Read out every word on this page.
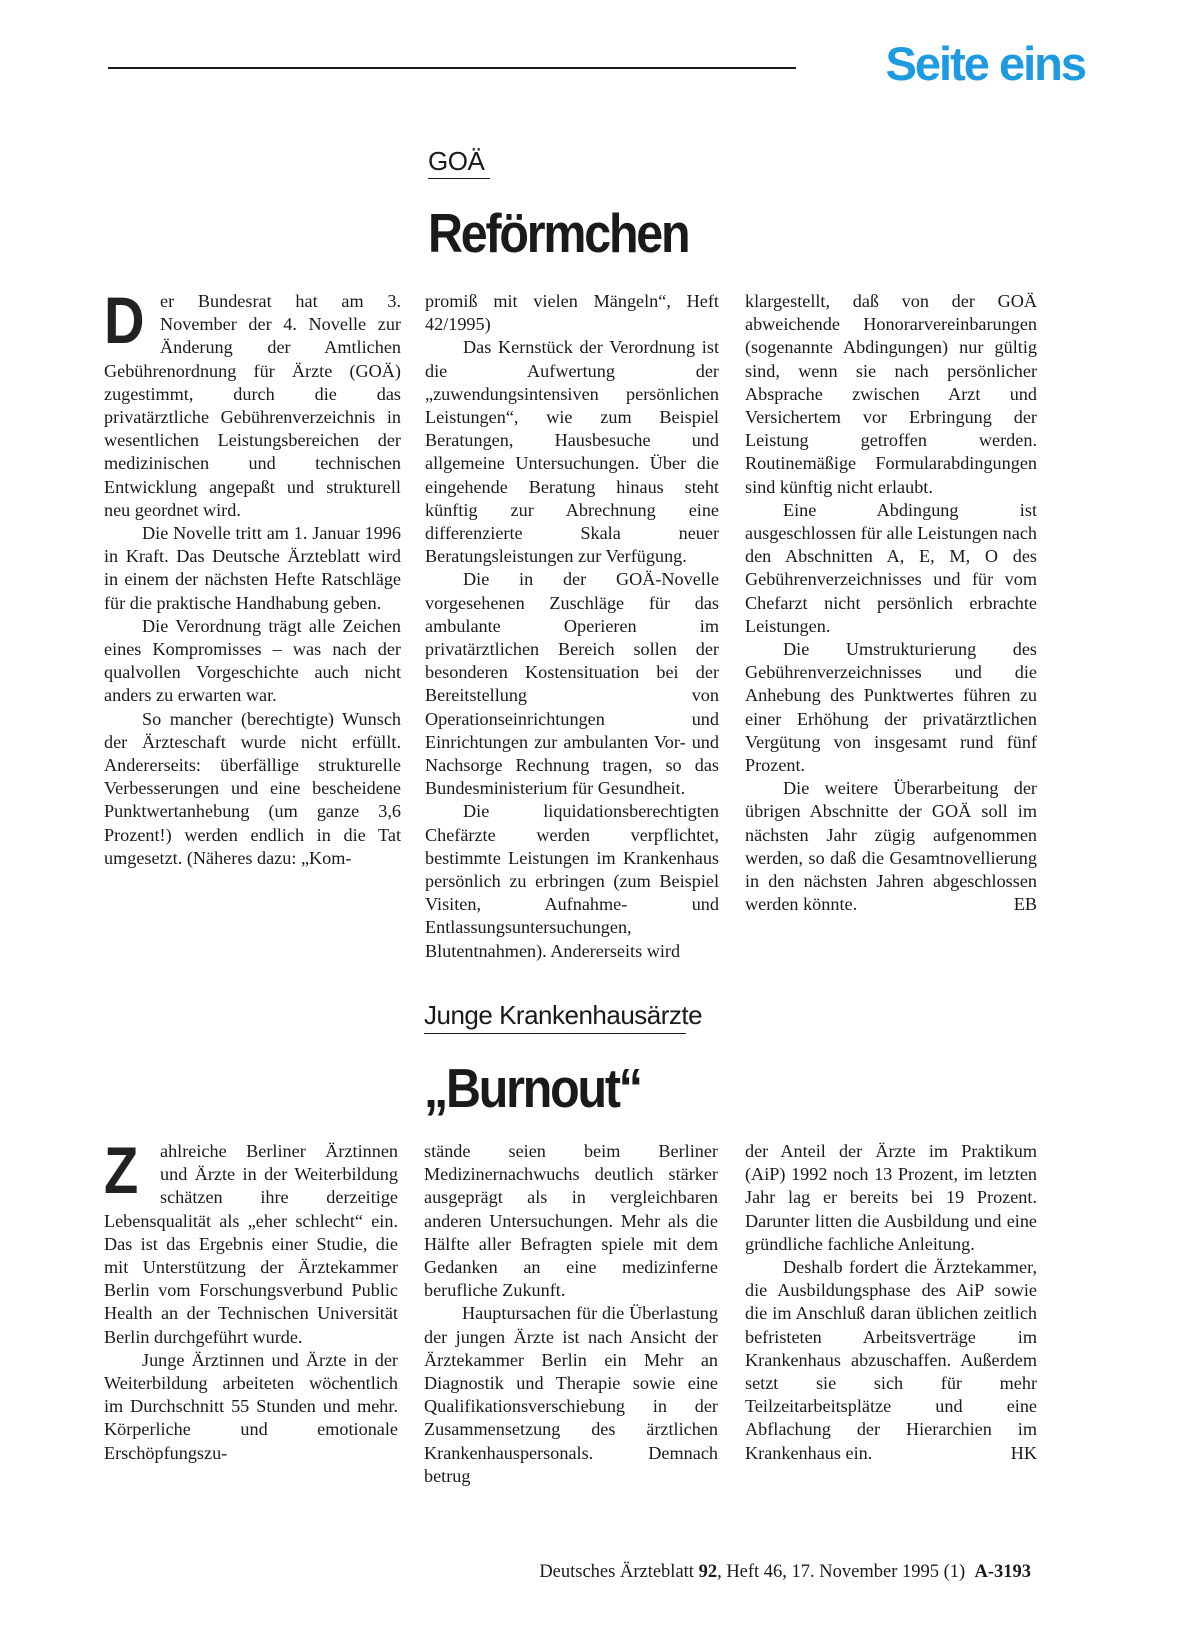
Seite eins
GOÄ
Reförmchen

Der Bundesrat hat am 3. November der 4. Novelle zur Änderung der Amtlichen Gebührenordnung für Ärzte (GOÄ) zugestimmt, durch die das privatärztliche Gebührenverzeichnis in wesentlichen Leistungsbereichen der medizinischen und technischen Entwicklung angepaßt und strukturell neu geordnet wird.

Die Novelle tritt am 1. Januar 1996 in Kraft. Das Deutsche Ärzteblatt wird in einem der nächsten Hefte Ratschläge für die praktische Handhabung geben.

Die Verordnung trägt alle Zeichen eines Kompromisses – was nach der qualvollen Vorgeschichte auch nicht anders zu erwarten war.

So mancher (berechtigte) Wunsch der Ärzteschaft wurde nicht erfüllt. Andererseits: überfällige strukturelle Verbesserungen und eine bescheidene Punktwertanhebung (um ganze 3,6 Prozent!) werden endlich in die Tat umgesetzt. (Näheres dazu: „Kom-

promiß mit vielen Mängeln“, Heft 42/1995)

Das Kernstück der Verordnung ist die Aufwertung der „zuwendungsintensiven persönlichen Leistungen“, wie zum Beispiel Beratungen, Hausbesuche und allgemeine Untersuchungen. Über die eingehende Beratung hinaus steht künftig zur Abrechnung eine differenzierte Skala neuer Beratungsleistungen zur Verfügung.

Die in der GOÄ-Novelle vorgesehenen Zuschläge für das ambulante Operieren im privatärztlichen Bereich sollen der besonderen Kostensituation bei der Bereitstellung von Operationseinrichtungen und Einrichtungen zur ambulanten Vor- und Nachsorge Rechnung tragen, so das Bundesministerium für Gesundheit.

Die liquidationsberechtigten Chefärzte werden verpflichtet, bestimmte Leistungen im Krankenhaus persönlich zu erbringen (zum Beispiel Visiten, Aufnahme- und Entlassungsuntersuchungen, Blutentnahmen). Andererseits wird

klargestellt, daß von der GOÄ abweichende Honorarvereinbarungen (sogenannte Abdingungen) nur gültig sind, wenn sie nach persönlicher Absprache zwischen Arzt und Versichertem vor Erbringung der Leistung getroffen werden. Routinemäßige Formularabdingungen sind künftig nicht erlaubt.

Eine Abdingung ist ausgeschlossen für alle Leistungen nach den Abschnitten A, E, M, O des Gebührenverzeichnisses und für vom Chefarzt nicht persönlich erbrachte Leistungen.

Die Umstrukturierung des Gebührenverzeichnisses und die Anhebung des Punktwertes führen zu einer Erhöhung der privatärztlichen Vergütung von insgesamt rund fünf Prozent.

Die weitere Überarbeitung der übrigen Abschnitte der GOÄ soll im nächsten Jahr zügig aufgenommen werden, so daß die Gesamtnovellierung in den nächsten Jahren abgeschlossen werden könnte.	EB

Junge Krankenhausärzte
„Burnout“

Z	ahlreiche Berliner Ärztinnen und Ärzte in der Weiterbildung schätzen ihre derzeitige Lebensqualität als „eher schlecht“ ein. Das ist das Ergebnis einer Studie, die mit Unterstützung der Ärztekammer Berlin vom Forschungsverbund Public Health an der Technischen Universität Berlin durchgeführt wurde.

Junge Ärztinnen und Ärzte in der Weiterbildung arbeiteten wöchentlich im Durchschnitt 55 Stunden und mehr. Körperliche und emotionale Erschöpfungszu-

stände seien beim Berliner Medizinernachwuchs deutlich stärker ausgeprägt als in vergleichbaren anderen Untersuchungen. Mehr als die Hälfte aller Befragten spiele mit dem Gedanken an eine medizinferne berufliche Zukunft.

Hauptursachen für die Überlastung der jungen Ärzte ist nach Ansicht der Ärztekammer Berlin ein Mehr an Diagnostik und Therapie sowie eine Qualifikationsverschiebung in der Zusammensetzung des ärztlichen Krankenhauspersonals. Demnach betrug

der Anteil der Ärzte im Praktikum (AiP) 1992 noch 13 Prozent, im letzten Jahr lag er bereits bei 19 Prozent. Darunter litten die Ausbildung und eine gründliche fachliche Anleitung.

Deshalb fordert die Ärztekammer, die Ausbildungsphase des AiP sowie die im Anschluß daran üblichen zeitlich befristeten Arbeitsverträge im Krankenhaus abzuschaffen. Außerdem setzt sie sich für mehr Teilzeitarbeitsplätze und eine Abflachung der Hierarchien im Krankenhaus ein.	HK

Deutsches Ärzteblatt 92, Heft 46, 17. November 1995 (1) A-3193
